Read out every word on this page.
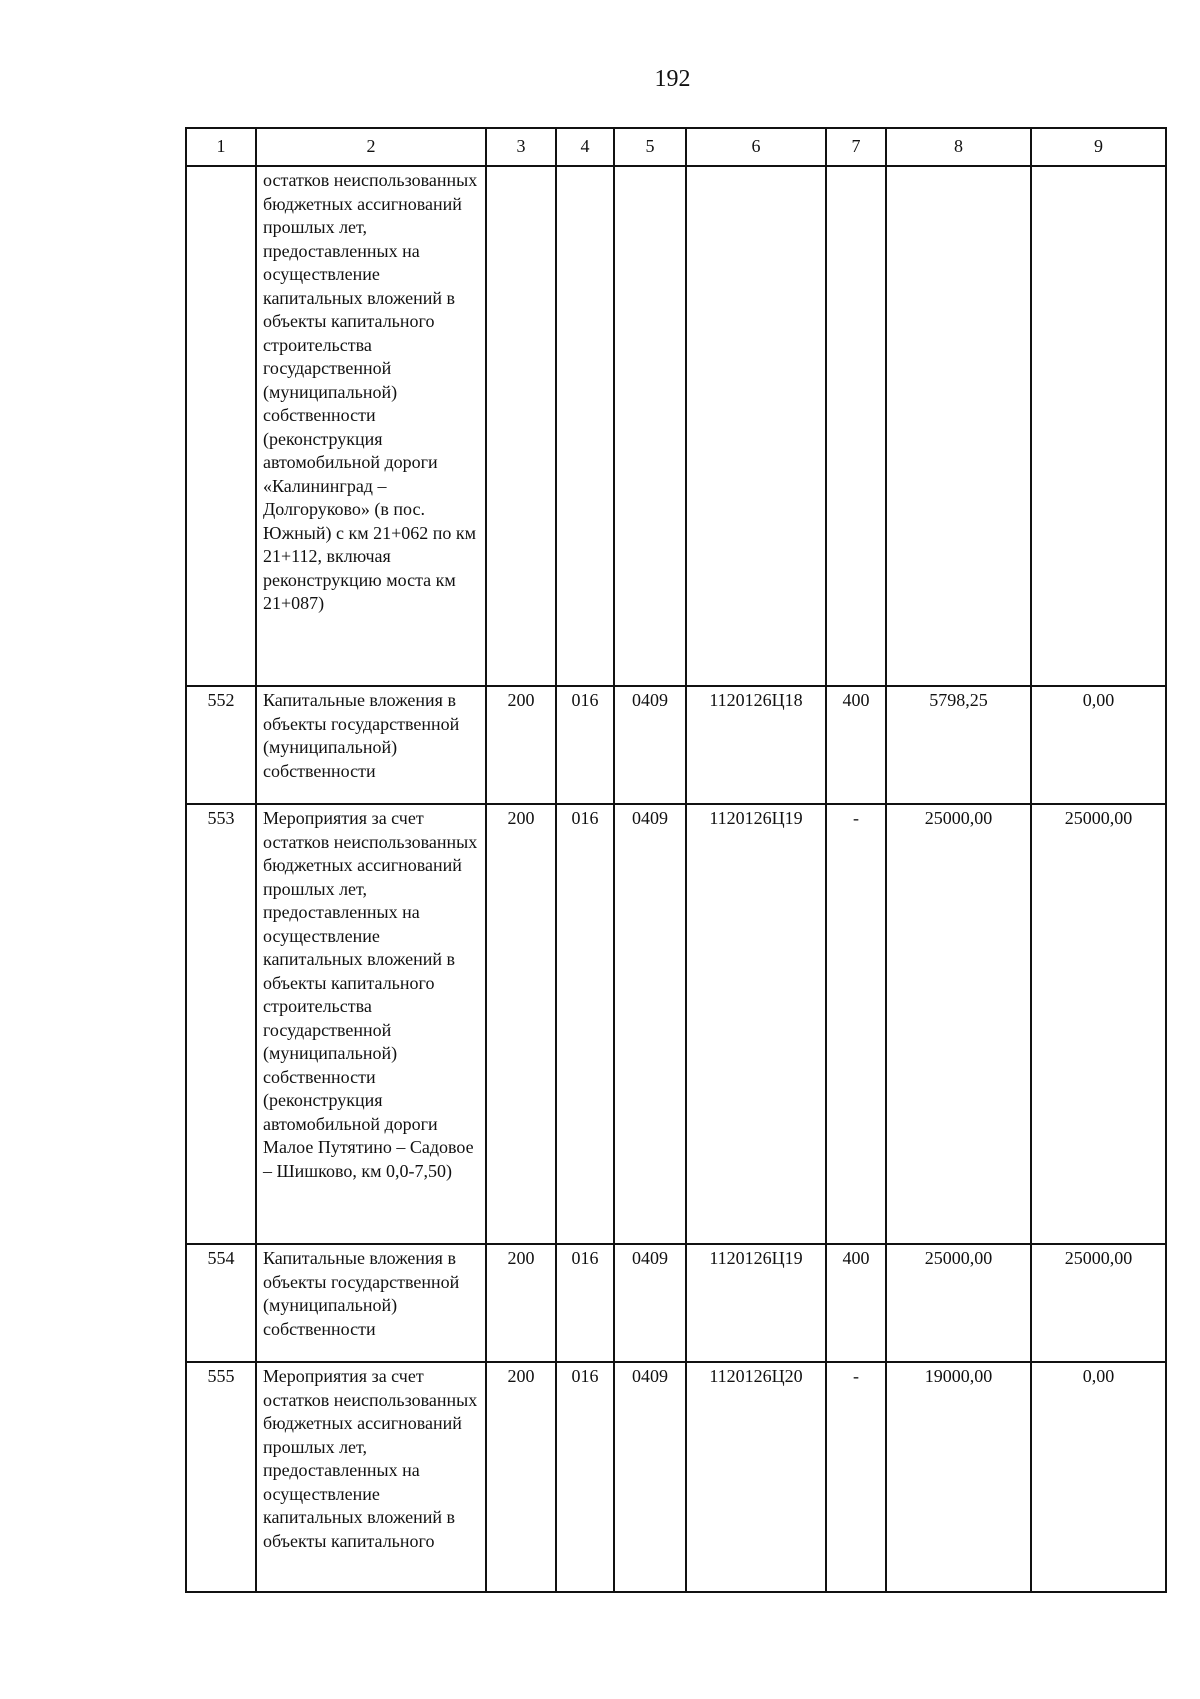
192
1	2	3	4	5	6	7	8	9
	остатков неиспользованных бюджетных ассигнований прошлых лет, предоставленных на осуществление капитальных вложений в объекты капитального строительства государственной (муниципальной) собственности (реконструкция автомобильной дороги «Калининград – Долгоруково» (в пос. Южный) с км 21+062 по км 21+112, включая реконструкцию моста км 21+087)							
552	Капитальные вложения в объекты государственной (муниципальной) собственности	200	016	0409	1120126Ц18	400	5798,25	0,00
553	Мероприятия за счет остатков неиспользованных бюджетных ассигнований прошлых лет, предоставленных на осуществление капитальных вложений в объекты капитального строительства государственной (муниципальной) собственности (реконструкция автомобильной дороги Малое Путятино – Садовое – Шишково, км 0,0-7,50)	200	016	0409	1120126Ц19	-	25000,00	25000,00
554	Капитальные вложения в объекты государственной (муниципальной) собственности	200	016	0409	1120126Ц19	400	25000,00	25000,00
555	Мероприятия за счет остатков неиспользованных бюджетных ассигнований прошлых лет, предоставленных на осуществление капитальных вложений в объекты капитального	200	016	0409	1120126Ц20	-	19000,00	0,00
